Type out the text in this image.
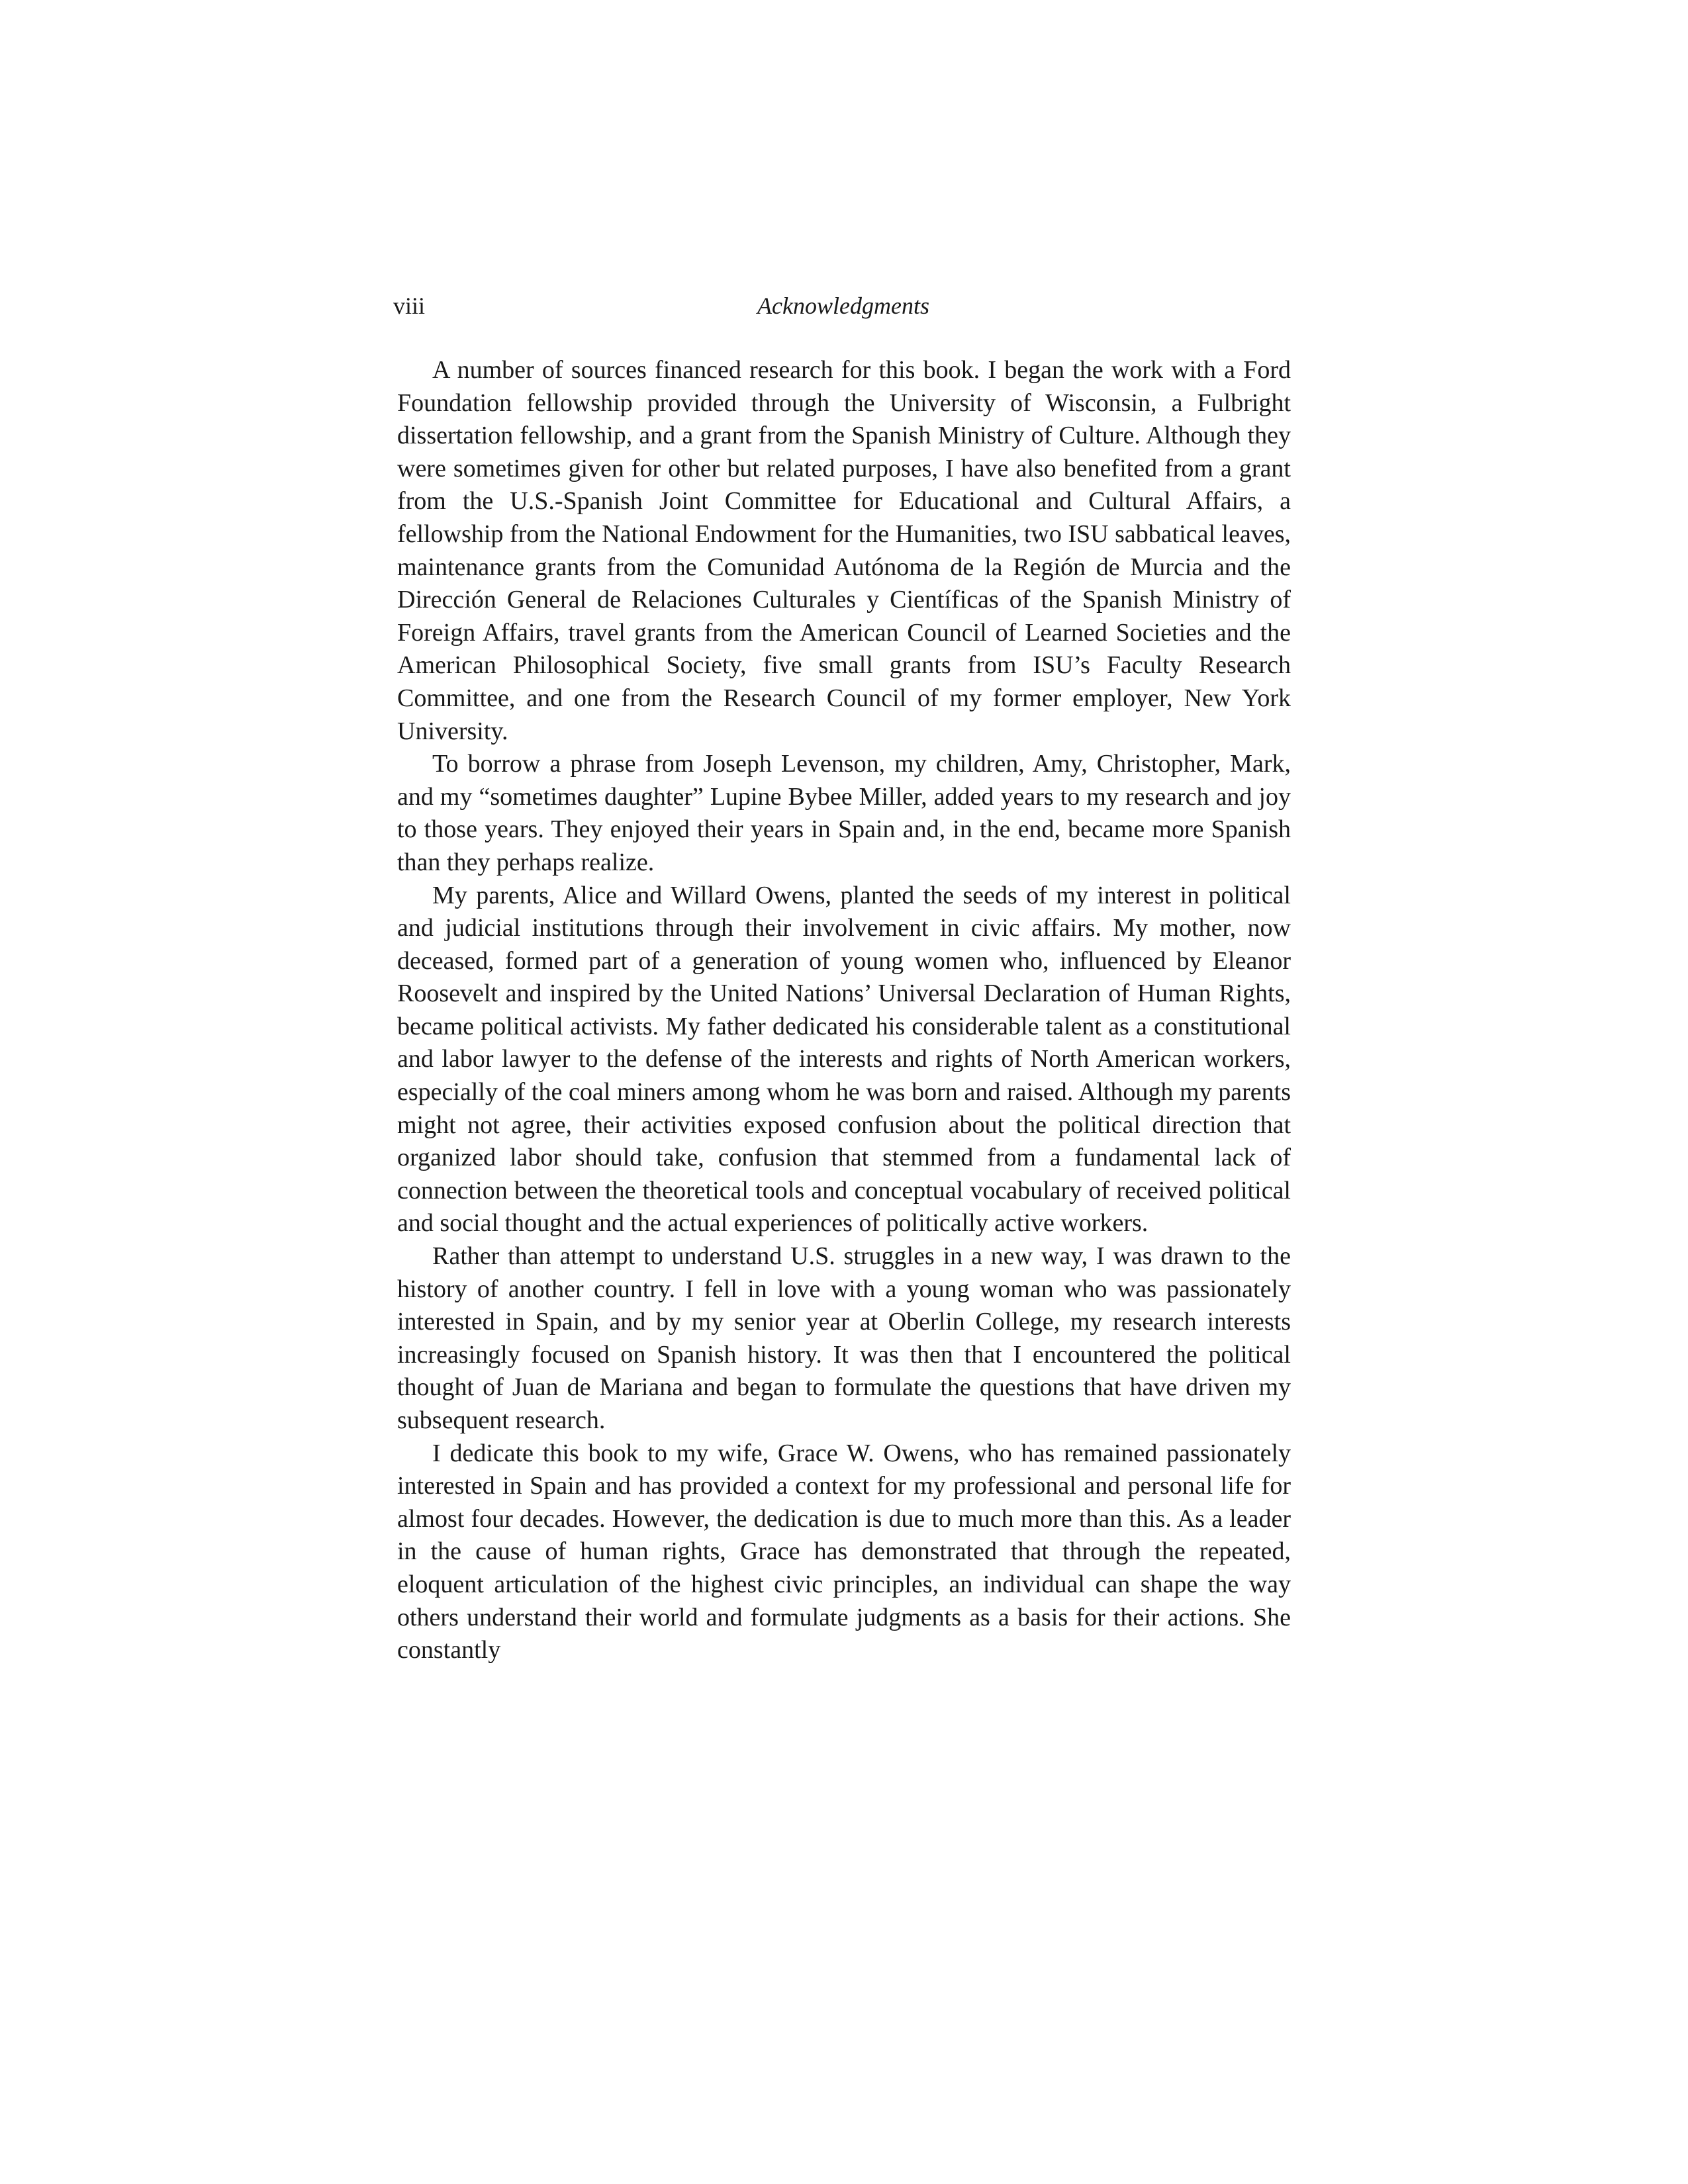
viii	Acknowledgments

A number of sources financed research for this book. I began the work with a Ford Foundation fellowship provided through the University of Wisconsin, a Fulbright dissertation fellowship, and a grant from the Spanish Ministry of Culture. Although they were sometimes given for other but related purposes, I have also benefited from a grant from the U.S.-Spanish Joint Committee for Educational and Cultural Affairs, a fellowship from the National Endowment for the Humanities, two ISU sabbatical leaves, maintenance grants from the Comunidad Autónoma de la Región de Murcia and the Dirección General de Relaciones Culturales y Científicas of the Spanish Ministry of Foreign Affairs, travel grants from the American Council of Learned Societies and the American Philosophical Society, five small grants from ISU’s Faculty Research Committee, and one from the Research Council of my former employer, New York University.

To borrow a phrase from Joseph Levenson, my children, Amy, Christopher, Mark, and my “sometimes daughter” Lupine Bybee Miller, added years to my research and joy to those years. They enjoyed their years in Spain and, in the end, became more Spanish than they perhaps realize.

My parents, Alice and Willard Owens, planted the seeds of my interest in political and judicial institutions through their involvement in civic affairs. My mother, now deceased, formed part of a generation of young women who, influenced by Eleanor Roosevelt and inspired by the United Nations’ Universal Declaration of Human Rights, became political activists. My father dedicated his considerable talent as a constitutional and labor lawyer to the defense of the interests and rights of North American workers, especially of the coal miners among whom he was born and raised. Although my parents might not agree, their activities exposed confusion about the political direction that organized labor should take, confusion that stemmed from a fundamental lack of connection between the theoretical tools and conceptual vocabulary of received political and social thought and the actual experiences of politically active workers.

Rather than attempt to understand U.S. struggles in a new way, I was drawn to the history of another country. I fell in love with a young woman who was passionately interested in Spain, and by my senior year at Oberlin College, my research interests increasingly focused on Spanish history. It was then that I encountered the political thought of Juan de Mariana and began to formulate the questions that have driven my subsequent research.

I dedicate this book to my wife, Grace W. Owens, who has remained passionately interested in Spain and has provided a context for my professional and personal life for almost four decades. However, the dedication is due to much more than this. As a leader in the cause of human rights, Grace has demonstrated that through the repeated, eloquent articulation of the highest civic principles, an individual can shape the way others understand their world and formulate judgments as a basis for their actions. She constantly
